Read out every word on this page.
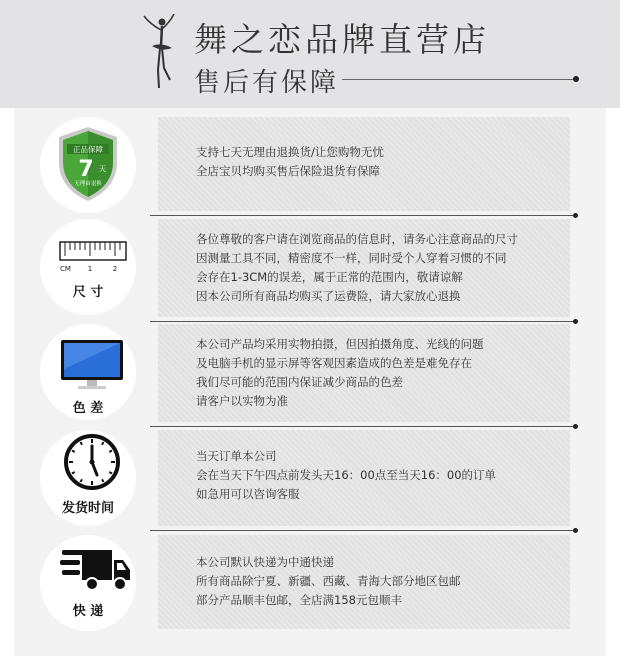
舞之恋品牌直营店
售后有保障
正品保障
7 天
无理由退换
支持七天无理由退换货/让您购物无忧
全店宝贝均购买售后保险退货有保障
CM 1	2
尺 寸
各位尊敬的客户请在浏览商品的信息时，请务心注意商品的尺寸
因测量工具不同，精密度不一样，同时受个人穿着习惯的不同
会存在1-3CM的误差，属于正常的范围内，敬请谅解
因本公司所有商品均购买了运费险，请大家放心退换
色 差
本公司产品均采用实物拍摄，但因拍摄角度、光线的问题
及电脑手机的显示屏等客观因素造成的色差是难免存在
我们尽可能的范围内保证减少商品的色差
请客户以实物为准
发货时间
当天订单本公司
会在当天下午四点前发头天16：00点至当天16：00的订单
如急用可以咨询客服
快 递
本公司默认快递为中通快递
所有商品除宁夏、新疆、西藏、青海大部分地区包邮
部分产品顺丰包邮，全店满158元包顺丰
